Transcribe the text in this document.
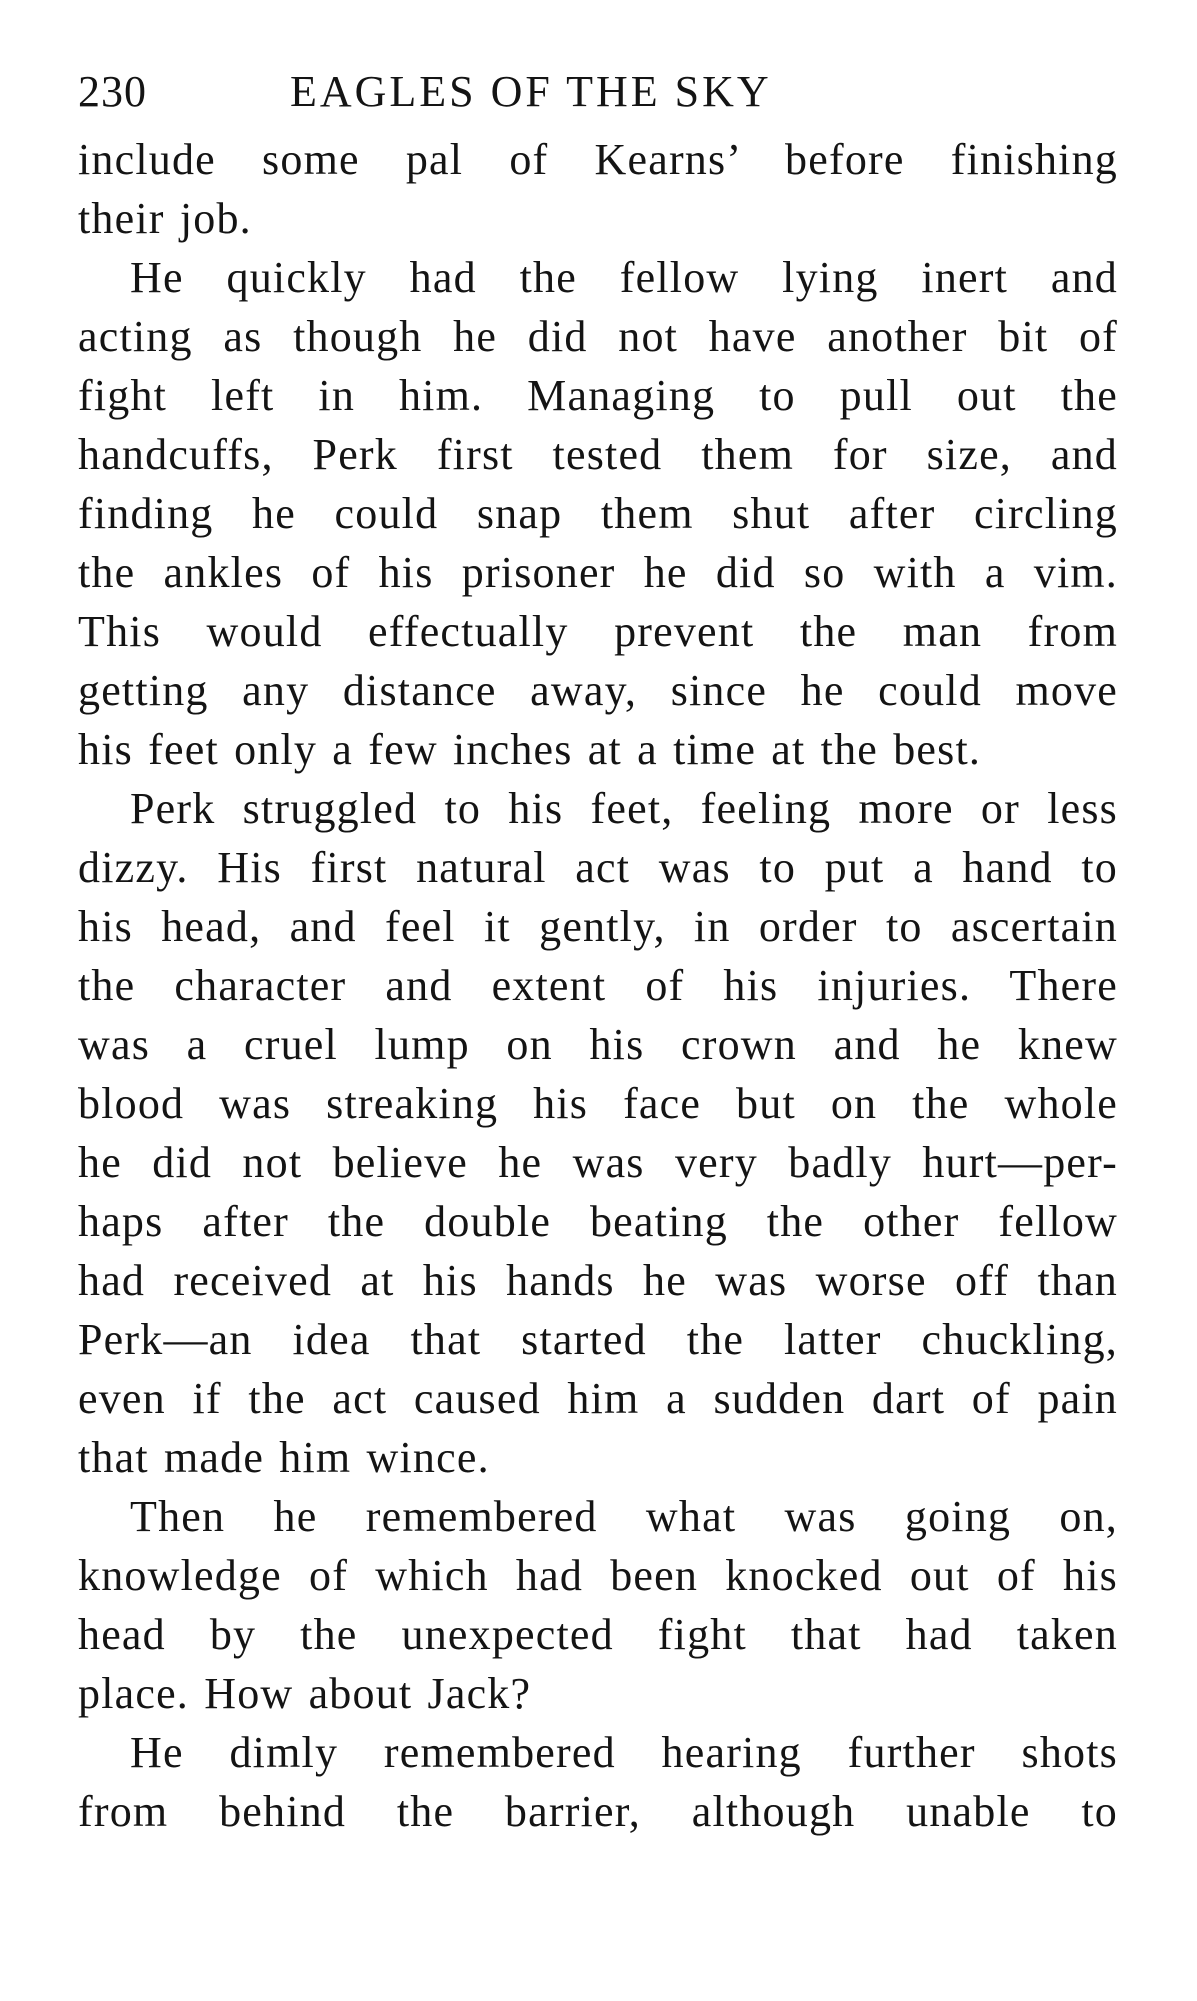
230	EAGLES OF THE SKY
include some pal of Kearns’ before finishing
their job.
He quickly had the fellow lying inert and
acting as though he did not have another bit of
fight left in him. Managing to pull out the
handcuffs, Perk first tested them for size, and
finding he could snap them shut after circling
the ankles of his prisoner he did so with a vim.
This would effectually prevent the man from
getting any distance away, since he could move
his feet only a few inches at a time at the best.
Perk struggled to his feet, feeling more or less
dizzy. His first natural act was to put a hand to
his head, and feel it gently, in order to ascertain
the character and extent of his injuries. There
was a cruel lump on his crown and he knew
blood was streaking his face but on the whole
he did not believe he was very badly hurt—per-
haps after the double beating the other fellow
had received at his hands he was worse off than
Perk—an idea that started the latter chuckling,
even if the act caused him a sudden dart of pain
that made him wince.
Then he remembered what was going on,
knowledge of which had been knocked out of his
head by the unexpected fight that had taken
place. How about Jack?
He dimly remembered hearing further shots
from behind the barrier, although unable to
